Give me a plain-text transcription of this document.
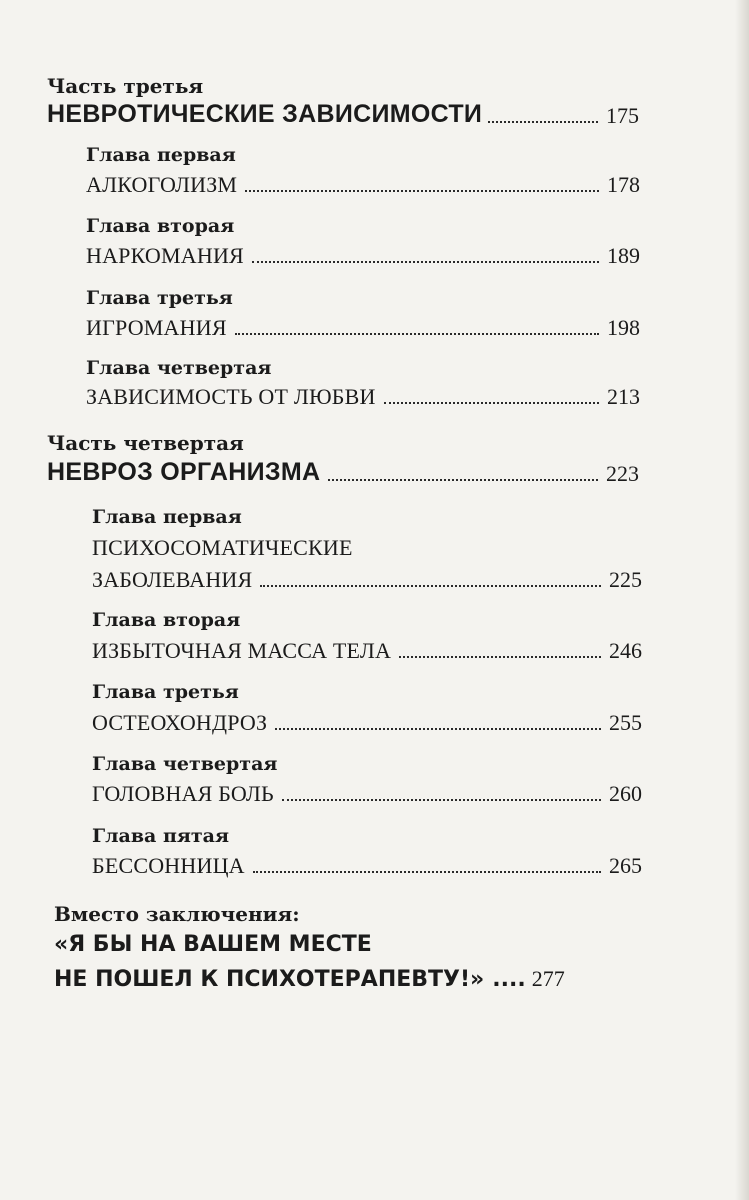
Часть третья
НЕВРОТИЧЕСКИЕ ЗАВИСИМОСТИ	175
Глава первая
АЛКОГОЛИЗМ	178
Глава вторая
НАРКОМАНИЯ	189
Глава третья
ИГРОМАНИЯ	198
Глава четвертая
ЗАВИСИМОСТЬ ОТ ЛЮБВИ	213
Часть четвертая
НЕВРОЗ ОРГАНИЗМА	223
Глава первая
ПСИХОСОМАТИЧЕСКИЕ
ЗАБОЛЕВАНИЯ	225
Глава вторая
ИЗБЫТОЧНАЯ МАССА ТЕЛА	246
Глава третья
ОСТЕОХОНДРОЗ	255
Глава четвертая
ГОЛОВНАЯ БОЛЬ	260
Глава пятая
БЕССОННИЦА	265
Вместо заключения:
«Я БЫ НА ВАШЕМ МЕСТЕ
НЕ ПОШЕЛ К ПСИХОТЕРАПЕВТУ!» .... 277
